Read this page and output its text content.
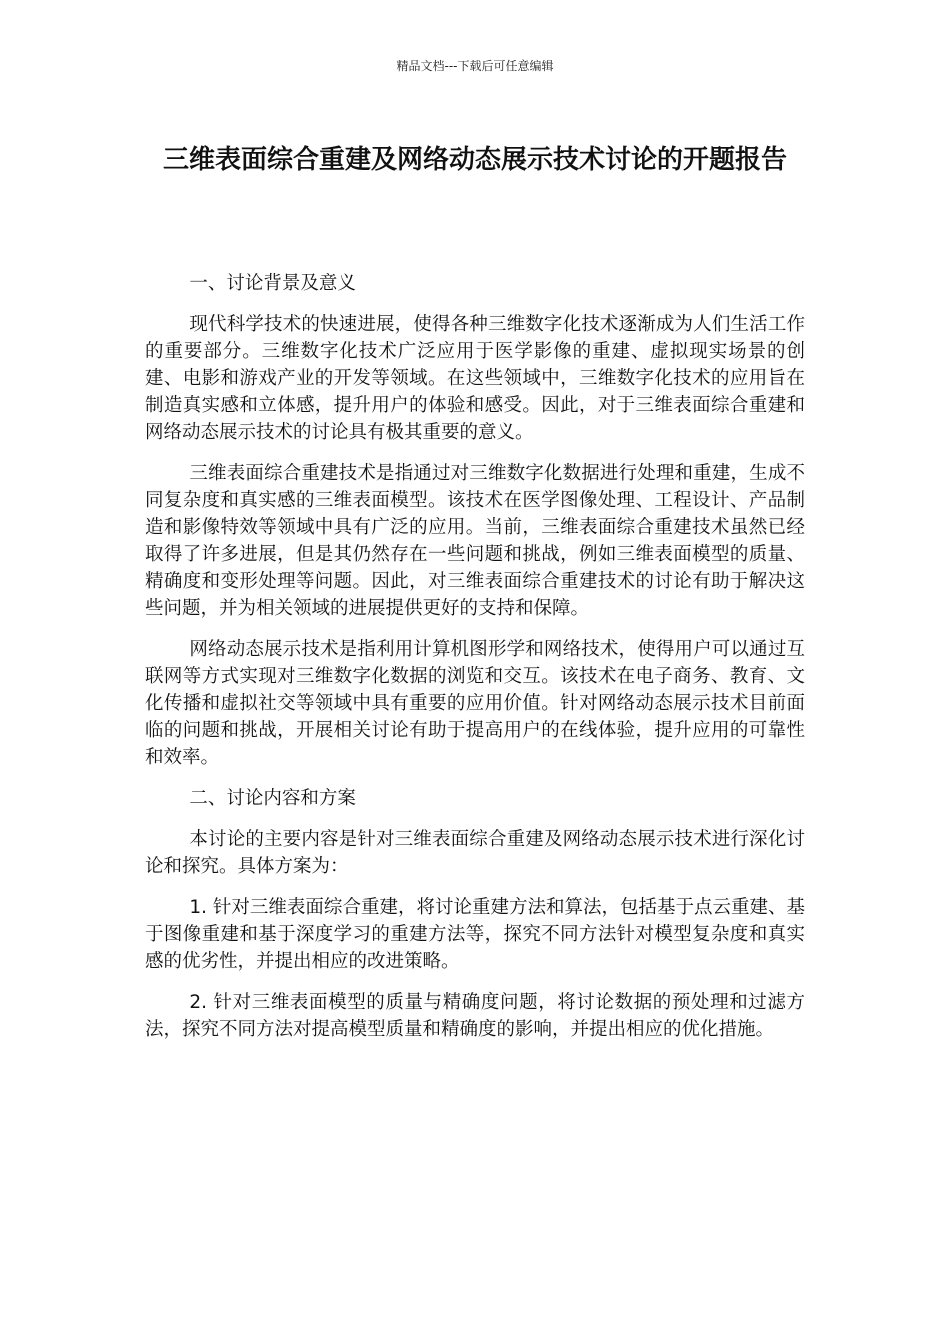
精品文档---下载后可任意编辑
三维表面综合重建及网络动态展示技术讨论的开题报告

一、讨论背景及意义

现代科学技术的快速进展，使得各种三维数字化技术逐渐成为人们生活工作的重要部分。三维数字化技术广泛应用于医学影像的重建、虚拟现实场景的创建、电影和游戏产业的开发等领域。在这些领域中，三维数字化技术的应用旨在制造真实感和立体感，提升用户的体验和感受。因此，对于三维表面综合重建和网络动态展示技术的讨论具有极其重要的意义。

三维表面综合重建技术是指通过对三维数字化数据进行处理和重建，生成不同复杂度和真实感的三维表面模型。该技术在医学图像处理、工程设计、产品制造和影像特效等领域中具有广泛的应用。当前，三维表面综合重建技术虽然已经取得了许多进展，但是其仍然存在一些问题和挑战，例如三维表面模型的质量、精确度和变形处理等问题。因此，对三维表面综合重建技术的讨论有助于解决这些问题，并为相关领域的进展提供更好的支持和保障。

网络动态展示技术是指利用计算机图形学和网络技术，使得用户可以通过互联网等方式实现对三维数字化数据的浏览和交互。该技术在电子商务、教育、文化传播和虚拟社交等领域中具有重要的应用价值。针对网络动态展示技术目前面临的问题和挑战，开展相关讨论有助于提高用户的在线体验，提升应用的可靠性和效率。

二、讨论内容和方案

本讨论的主要内容是针对三维表面综合重建及网络动态展示技术进行深化讨论和探究。具体方案为：

1. 针对三维表面综合重建，将讨论重建方法和算法，包括基于点云重建、基于图像重建和基于深度学习的重建方法等，探究不同方法针对模型复杂度和真实感的优劣性，并提出相应的改进策略。

2. 针对三维表面模型的质量与精确度问题，将讨论数据的预处理和过滤方法，探究不同方法对提高模型质量和精确度的影响，并提出相应的优化措施。
